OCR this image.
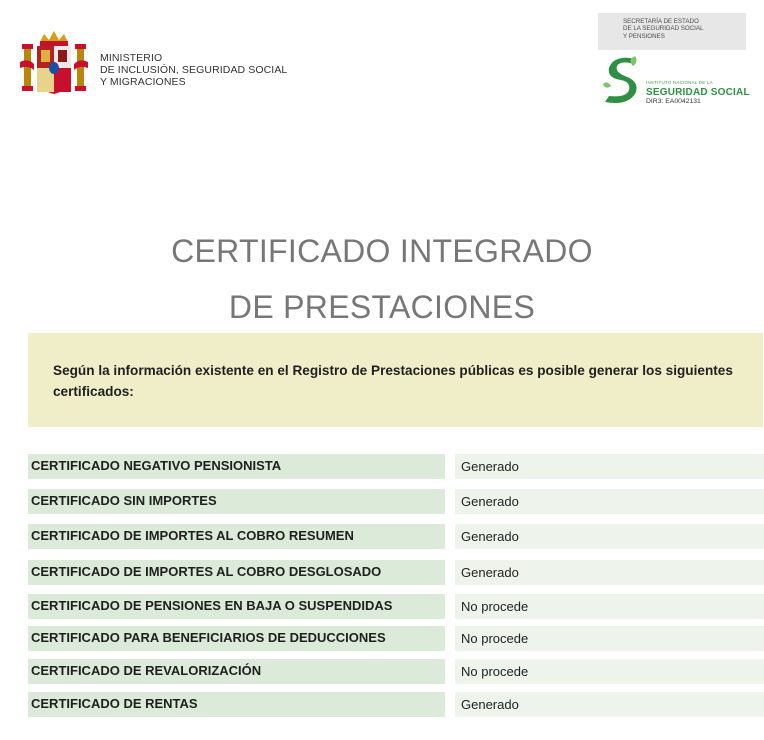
MINISTERIO
DE INCLUSIÓN, SEGURIDAD SOCIAL
Y MIGRACIONES
SECRETARÍA DE ESTADO
DE LA SEGURIDAD SOCIAL
Y PENSIONES
INSTITUTO NACIONAL DE LA
SEGURIDAD SOCIAL
DIR3: EA0042131
CERTIFICADO INTEGRADO
DE PRESTACIONES

Según la información existente en el Registro de Prestaciones públicas es posible generar los siguientes certificados:

CERTIFICADO NEGATIVO PENSIONISTA	Generado
CERTIFICADO SIN IMPORTES	Generado
CERTIFICADO DE IMPORTES AL COBRO RESUMEN	Generado
CERTIFICADO DE IMPORTES AL COBRO DESGLOSADO	Generado
CERTIFICADO DE PENSIONES EN BAJA O SUSPENDIDAS	No procede
CERTIFICADO PARA BENEFICIARIOS DE DEDUCCIONES	No procede
CERTIFICADO DE REVALORIZACIÓN	No procede
CERTIFICADO DE RENTAS	Generado
